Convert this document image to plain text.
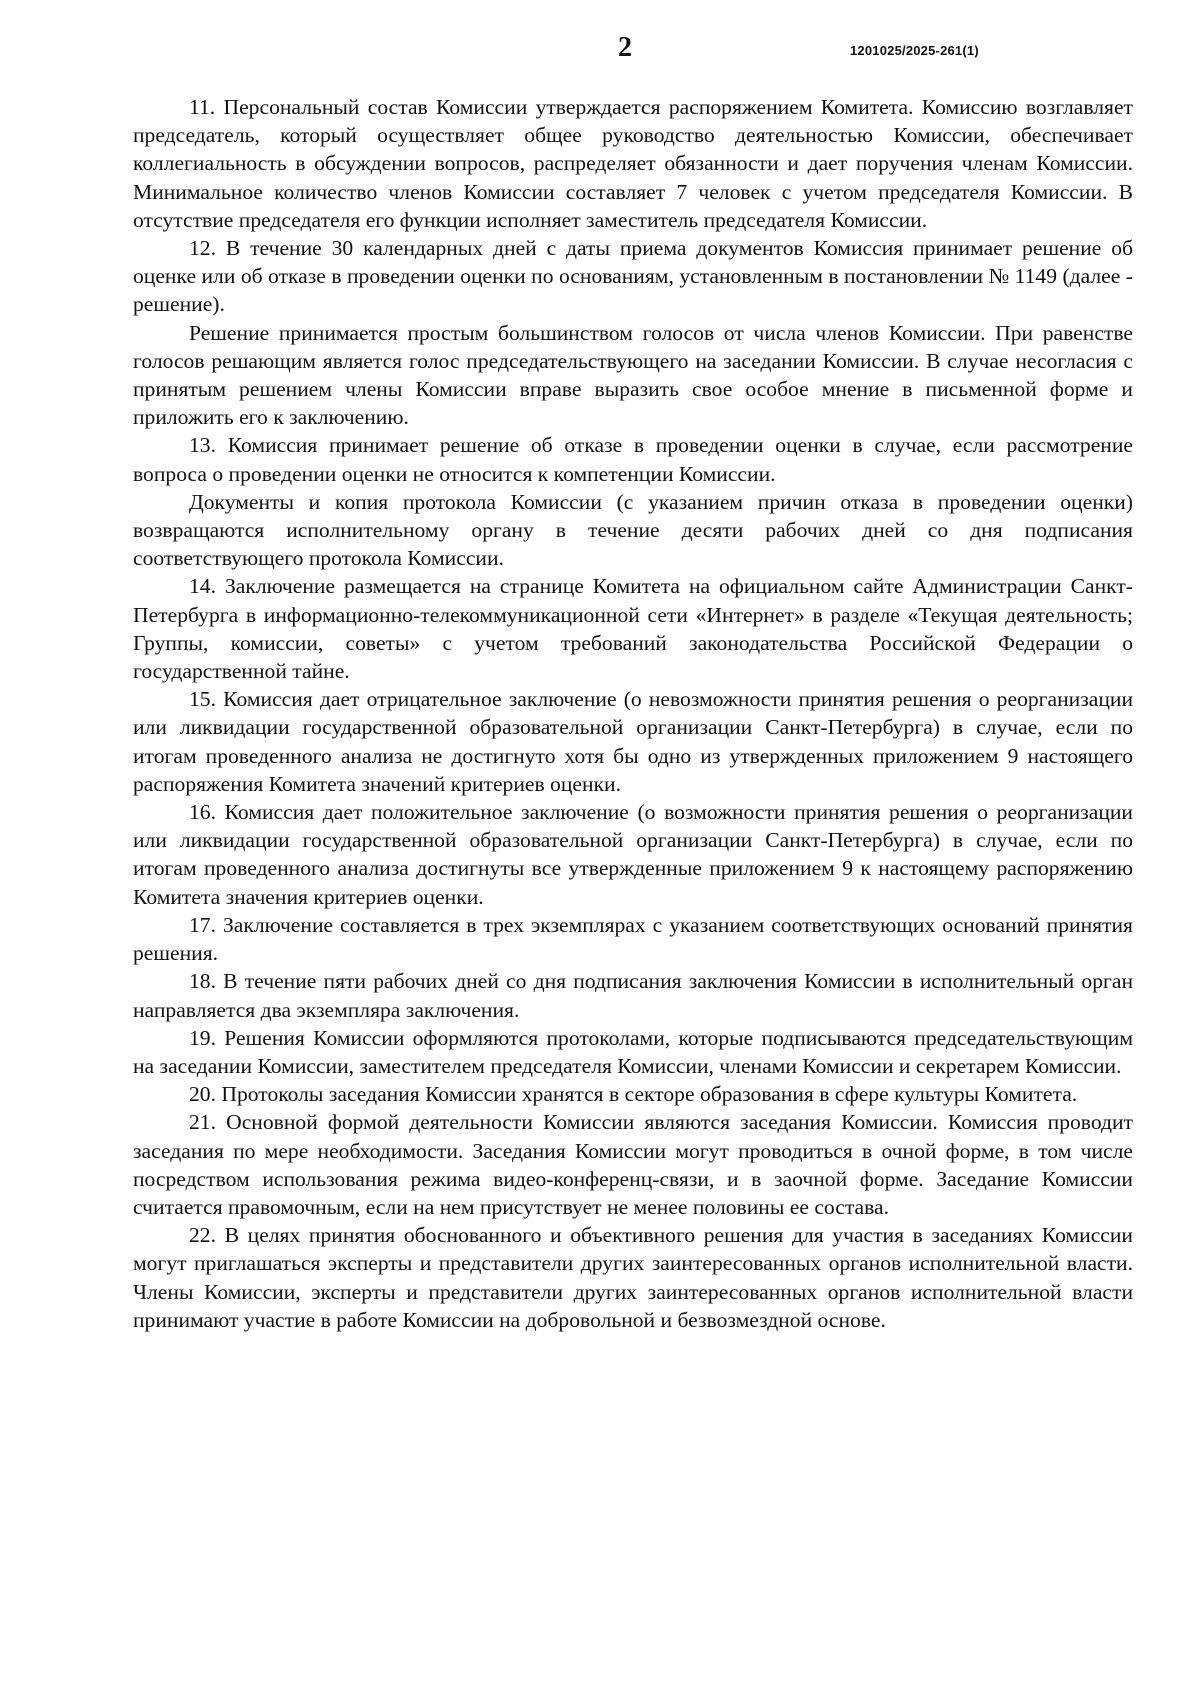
2	1201025/2025-261(1)

11. Персональный состав Комиссии утверждается распоряжением Комитета. Комиссию возглавляет председатель, который осуществляет общее руководство деятельностью Комиссии, обеспечивает коллегиальность в обсуждении вопросов, распределяет обязанности и дает поручения членам Комиссии. Минимальное количество членов Комиссии составляет 7 человек с учетом председателя Комиссии. В отсутствие председателя его функции исполняет заместитель председателя Комиссии.

12. В течение 30 календарных дней с даты приема документов Комиссия принимает решение об оценке или об отказе в проведении оценки по основаниям, установленным в постановлении № 1149 (далее - решение).

Решение принимается простым большинством голосов от числа членов Комиссии. При равенстве голосов решающим является голос председательствующего на заседании Комиссии. В случае несогласия с принятым решением члены Комиссии вправе выразить свое особое мнение в письменной форме и приложить его к заключению.

13. Комиссия принимает решение об отказе в проведении оценки в случае, если рассмотрение вопроса о проведении оценки не относится к компетенции Комиссии.

Документы и копия протокола Комиссии (с указанием причин отказа в проведении оценки) возвращаются исполнительному органу в течение десяти рабочих дней со дня подписания соответствующего протокола Комиссии.

14. Заключение размещается на странице Комитета на официальном сайте Администрации Санкт-Петербурга в информационно-телекоммуникационной сети «Интернет» в разделе «Текущая деятельность; Группы, комиссии, советы» с учетом требований законодательства Российской Федерации о государственной тайне.

15. Комиссия дает отрицательное заключение (о невозможности принятия решения о реорганизации или ликвидации государственной образовательной организации Санкт-Петербурга) в случае, если по итогам проведенного анализа не достигнуто хотя бы одно из утвержденных приложением 9 настоящего распоряжения Комитета значений критериев оценки.

16. Комиссия дает положительное заключение (о возможности принятия решения о реорганизации или ликвидации государственной образовательной организации Санкт-Петербурга) в случае, если по итогам проведенного анализа достигнуты все утвержденные приложением 9 к настоящему распоряжению Комитета значения критериев оценки.

17. Заключение составляется в трех экземплярах с указанием соответствующих оснований принятия решения.

18. В течение пяти рабочих дней со дня подписания заключения Комиссии в исполнительный орган направляется два экземпляра заключения.

19. Решения Комиссии оформляются протоколами, которые подписываются председательствующим на заседании Комиссии, заместителем председателя Комиссии, членами Комиссии и секретарем Комиссии.

20. Протоколы заседания Комиссии хранятся в секторе образования в сфере культуры Комитета.

21. Основной формой деятельности Комиссии являются заседания Комиссии. Комиссия проводит заседания по мере необходимости. Заседания Комиссии могут проводиться в очной форме, в том числе посредством использования режима видео-конференц-связи, и в заочной форме. Заседание Комиссии считается правомочным, если на нем присутствует не менее половины ее состава.

22. В целях принятия обоснованного и объективного решения для участия в заседаниях Комиссии могут приглашаться эксперты и представители других заинтересованных органов исполнительной власти. Члены Комиссии, эксперты и представители других заинтересованных органов исполнительной власти принимают участие в работе Комиссии на добровольной и безвозмездной основе.
